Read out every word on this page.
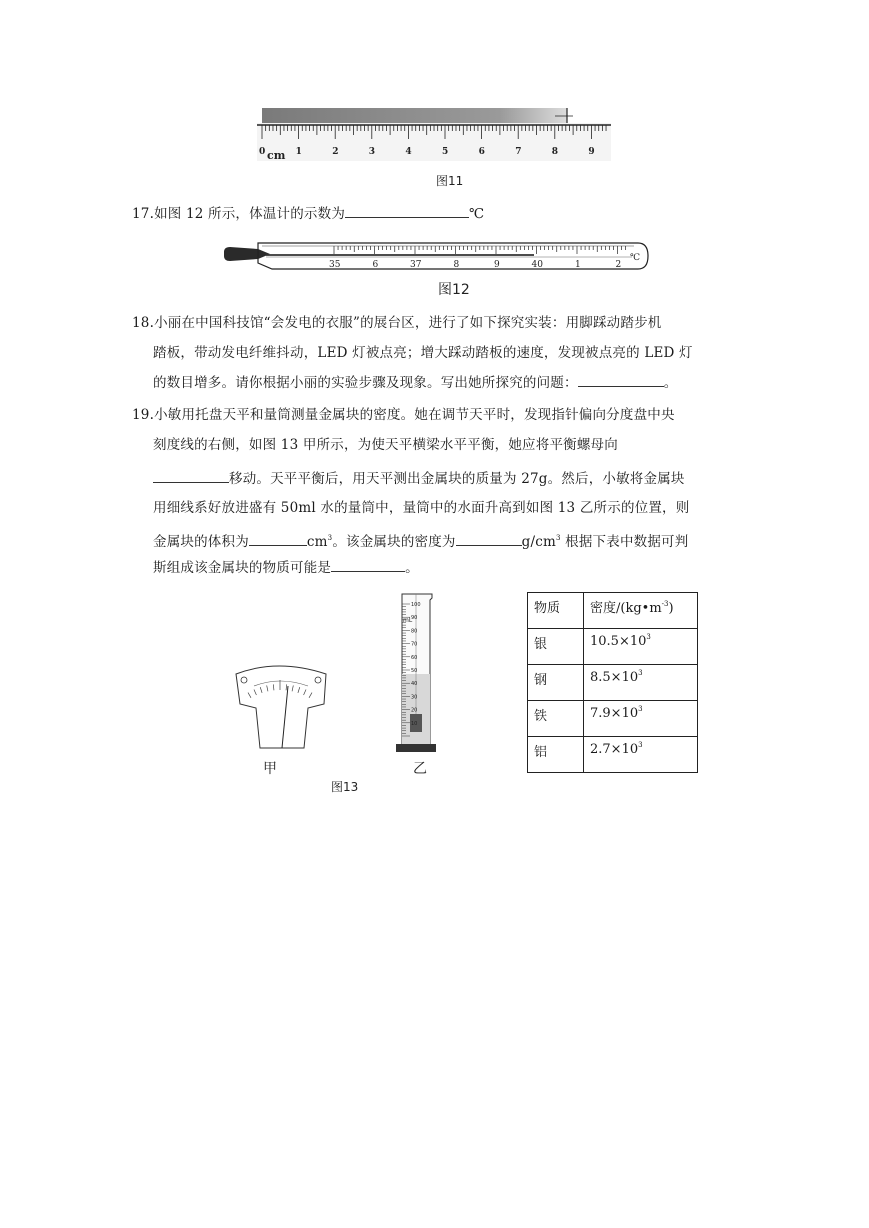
0	1	2	3	4	5	6	7	8	9
cm
图11
17.如图 12 所示，体温计的示数为	℃
35	6	37	8	9	40	1	2
℃
图12
18.小丽在中国科技馆“会发电的衣服”的展台区，进行了如下探究实装：用脚踩动踏步机
踏板，带动发电纤维抖动，LED 灯被点亮；增大踩动踏板的速度，发现被点亮的 LED 灯
的数目增多。请你根据小丽的实验步骤及现象。写出她所探究的问题：	。
19.小敏用托盘天平和量筒测量金属块的密度。她在调节天平时，发现指针偏向分度盘中央
刻度线的右侧，如图 13 甲所示，为使天平横梁水平平衡，她应将平衡螺母向
移动。天平平衡后，用天平测出金属块的质量为 27g。然后，小敏将金属块
用细线系好放进盛有 50ml 水的量筒中，量筒中的水面升高到如图 13 乙所示的位置，则
金属块的体积为	$cm^3$。该金属块的密度为	$g/cm^3$ 根据下表中数据可判
斯组成该金属块的物质可能是	。
mL
100
90
80
70
60
50
40
30
20
10
甲	乙
图13
物质	密度$/(kg•m^{-3})$
银	$10.5\times 10^3$
钢	$8.5\times 10^3$
铁	$7.9\times 10^3$
铝	$2.7\times 10^3$
